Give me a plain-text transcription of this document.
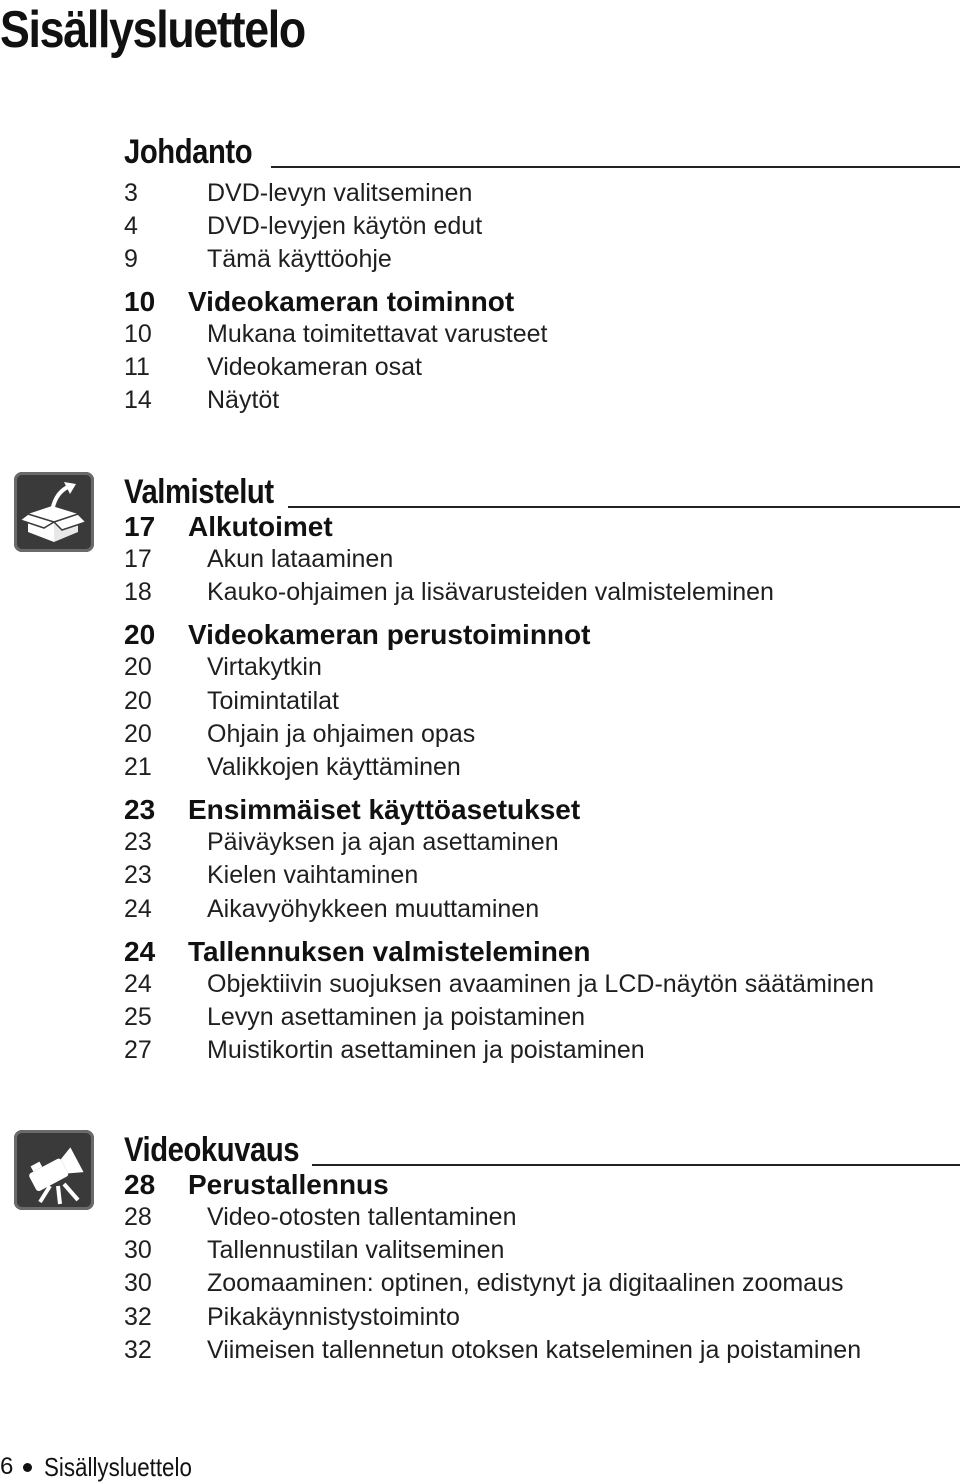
Sisällysluettelo
Johdanto
3	DVD-levyn valitseminen
4	DVD-levyjen käytön edut
9	Tämä käyttöohje
10	Videokameran toiminnot
10	Mukana toimitettavat varusteet
11	Videokameran osat
14	Näytöt
Valmistelut
17	Alkutoimet
17	Akun lataaminen
18	Kauko-ohjaimen ja lisävarusteiden valmisteleminen
20	Videokameran perustoiminnot
20	Virtakytkin
20	Toimintatilat
20	Ohjain ja ohjaimen opas
21	Valikkojen käyttäminen
23	Ensimmäiset käyttöasetukset
23	Päiväyksen ja ajan asettaminen
23	Kielen vaihtaminen
24	Aikavyöhykkeen muuttaminen
24	Tallennuksen valmisteleminen
24	Objektiivin suojuksen avaaminen ja LCD-näytön säätäminen
25	Levyn asettaminen ja poistaminen
27	Muistikortin asettaminen ja poistaminen
Videokuvaus
28	Perustallennus
28	Video-otosten tallentaminen
30	Tallennustilan valitseminen
30	Zoomaaminen: optinen, edistynyt ja digitaalinen zoomaus
32	Pikakäynnistystoiminto
32	Viimeisen tallennetun otoksen katseleminen ja poistaminen
6 Sisällysluettelo
